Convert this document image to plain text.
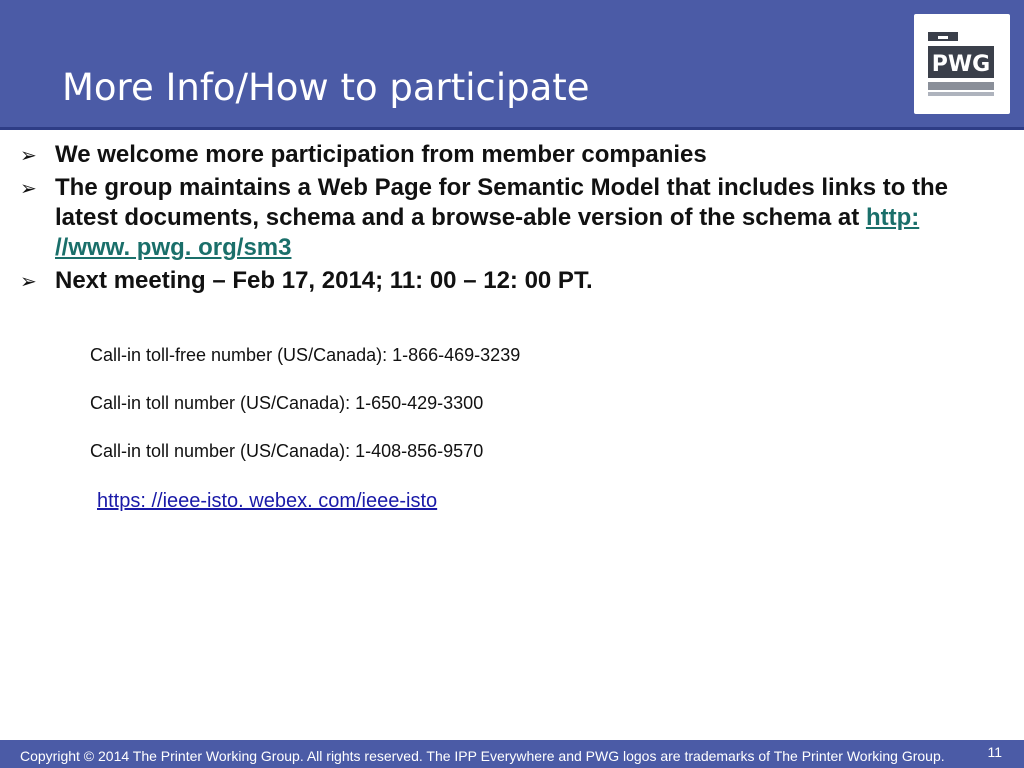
More Info/How to participate
PWG
➢ We welcome more participation from member companies
➢ The group maintains a Web Page for Semantic Model that includes links to the latest documents, schema and a browse-able version of the schema at http: //www. pwg. org/sm3
➢ Next meeting – Feb 17, 2014; 11: 00 – 12: 00 PT.
Call-in toll-free number (US/Canada): 1-866-469-3239
Call-in toll number (US/Canada): 1-650-429-3300
Call-in toll number (US/Canada): 1-408-856-9570
https: //ieee-isto. webex. com/ieee-isto
Copyright © 2014 The Printer Working Group. All rights reserved. The IPP Everywhere and PWG logos are trademarks of The Printer Working Group.	11
